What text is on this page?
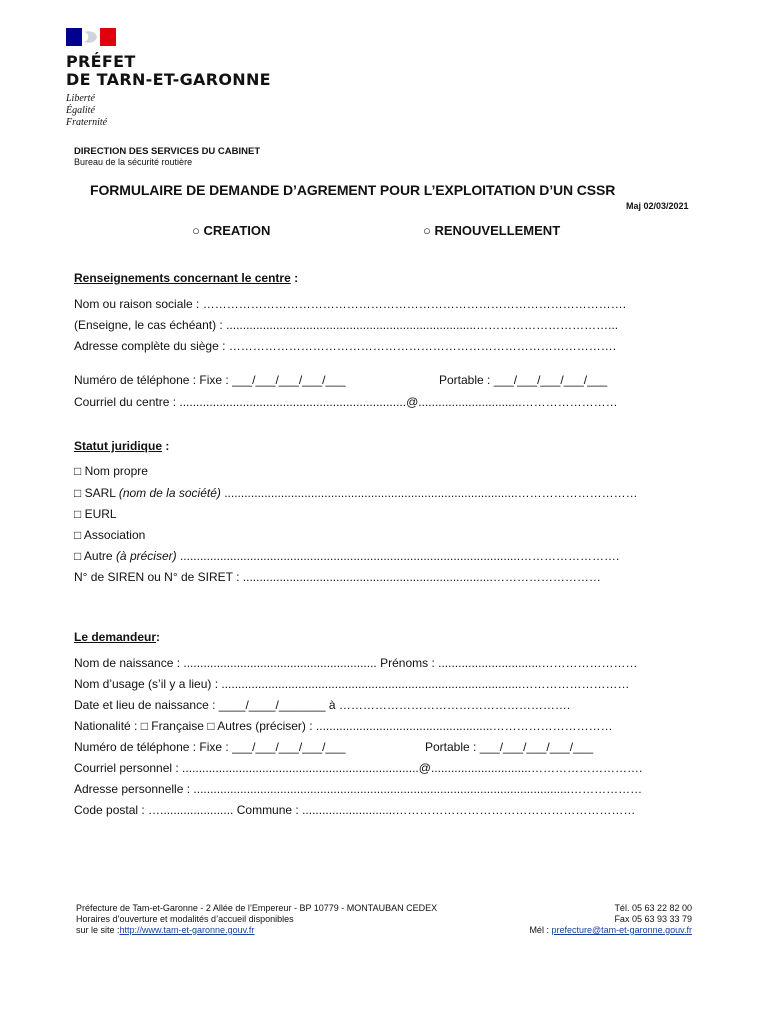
PRÉFET
DE TARN-ET-GARONNE
Liberté
Égalité
Fraternité
DIRECTION DES SERVICES DU CABINET
Bureau de la sécurité routière
FORMULAIRE DE DEMANDE D’AGREMENT POUR L’EXPLOITATION D’UN CSSR
Maj 02/03/2021
○ CREATION	○ RENOUVELLEMENT
Renseignements concernant le centre :
Nom ou raison sociale : …………………………………………………………………………………………….
(Enseigne, le cas échéant) : ...........................................................................……………………………...
Adresse complète du siège : …………………………………………………………………………………….
Numéro de téléphone : Fixe : ___/___/___/___/___	Portable : ___/___/___/___/___
Courriel du centre : ....................................................................@...............................……………………
Statut juridique :
□ Nom propre
□ SARL (nom de la société) ........................................................................................…………………………
□ EURL
□ Association
□ Autre (à préciser) ......................................................................................................…………………….
N° de SIREN ou N° de SIRET : ...........................................................................………………………
Le demandeur:
Nom de naissance : .......................................................... Prénoms : ...............................……………………
Nom d’usage (s’il y a lieu) : ..........................................................................................………………………
Date et lieu de naissance : ____/____/_______ à ………………………………………………….
Nationalité : □ Française □ Autres (préciser) : .....................................................…………………………
Numéro de téléphone : Fixe : ___/___/___/___/___	Portable : ___/___/___/___/___
Courriel personnel : .......................................................................@..............................……………………….
Adresse personnelle : .................................................................................................................………………
Code postal : …...................... Commune : ............................……………………………………………………
Préfecture de Tam-et-Garonne - 2 Allée de l’Empereur - BP 10779 - MONTAUBAN CEDEX
Horaires d’ouverture et modalités d’accueil disponibles
sur le site :http://www.tam-et-garonne.gouv.fr
Tél. 05 63 22 82 00
Fax 05 63 93 33 79
Mél : prefecture@tam-et-garonne.gouv.fr
